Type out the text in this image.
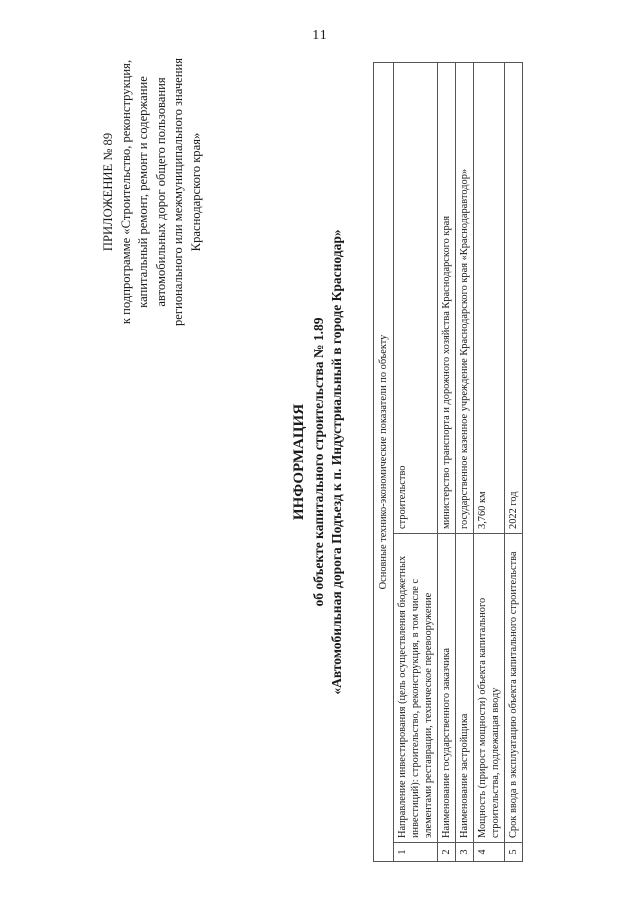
11
ПРИЛОЖЕНИЕ № 89 к подпрограмме «Строительство, реконструкция, капитальный ремонт, ремонт и содержание автомобильных дорог общего пользования регионального или межмуниципального значения Краснодарского края»
ИНФОРМАЦИЯ об объекте капитального строительства № 1.89 «Автомобильная дорога Подъезд к п. Индустриальный в городе Краснодар»	Основные технико-экономические показатели по объекту		
1	Направление инвестирования (цель осуществления бюджетных инвестиций): строительство, реконструкция, в том числе с элементами реставрации, техническое перевооружение	строительство
2	Наименование государственного заказчика	министерство транспорта и дорожного хозяйства Краснодарского края
3	Наименование застройщика	государственное казенное учреждение Краснодарского края «Краснодаравтодор»
4	Мощность (прирост мощности) объекта капитального строительства, подлежащая вводу	3,760 км
5	Срок ввода в эксплуатацию объекта капитального строительства	2022 год
